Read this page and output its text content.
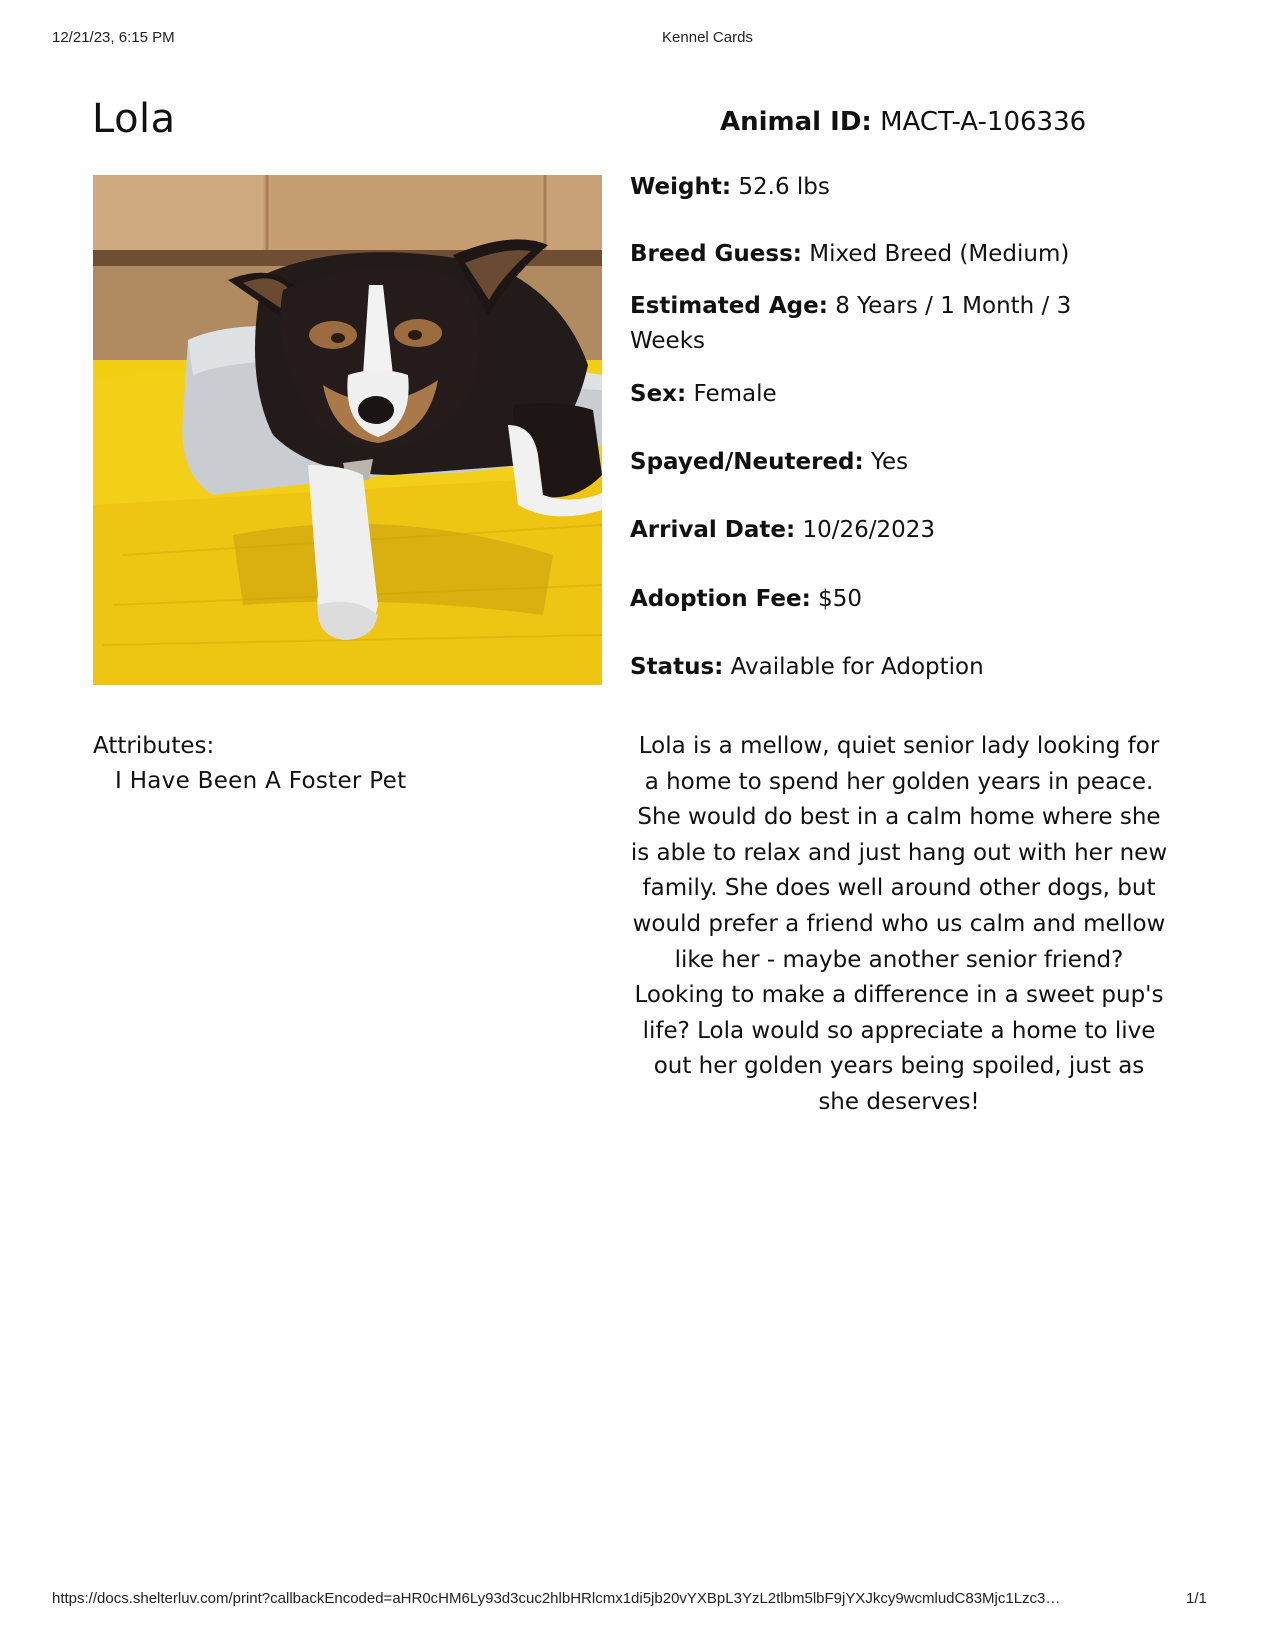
12/21/23, 6:15 PM	Kennel Cards
Lola	Animal ID: MACT-A-106336
Weight: 52.6 lbs
Breed Guess: Mixed Breed (Medium)
Estimated Age: 8 Years / 1 Month / 3 Weeks
Sex: Female
Spayed/Neutered: Yes
Arrival Date: 10/26/2023
Adoption Fee: $50
Status: Available for Adoption
Attributes:
I Have Been A Foster Pet
Lola is a mellow, quiet senior lady looking for a home to spend her golden years in peace. She would do best in a calm home where she is able to relax and just hang out with her new family. She does well around other dogs, but would prefer a friend who us calm and mellow like her - maybe another senior friend? Looking to make a difference in a sweet pup's life? Lola would so appreciate a home to live out her golden years being spoiled, just as she deserves!
https://docs.shelterluv.com/print?callbackEncoded=aHR0cHM6Ly93d3cuc2hlbHRlcmx1di5jb20vYXBpL3YzL2tlbm5lbF9jYXJkcy9wcmludC83Mjc1Lzc3…	1/1
